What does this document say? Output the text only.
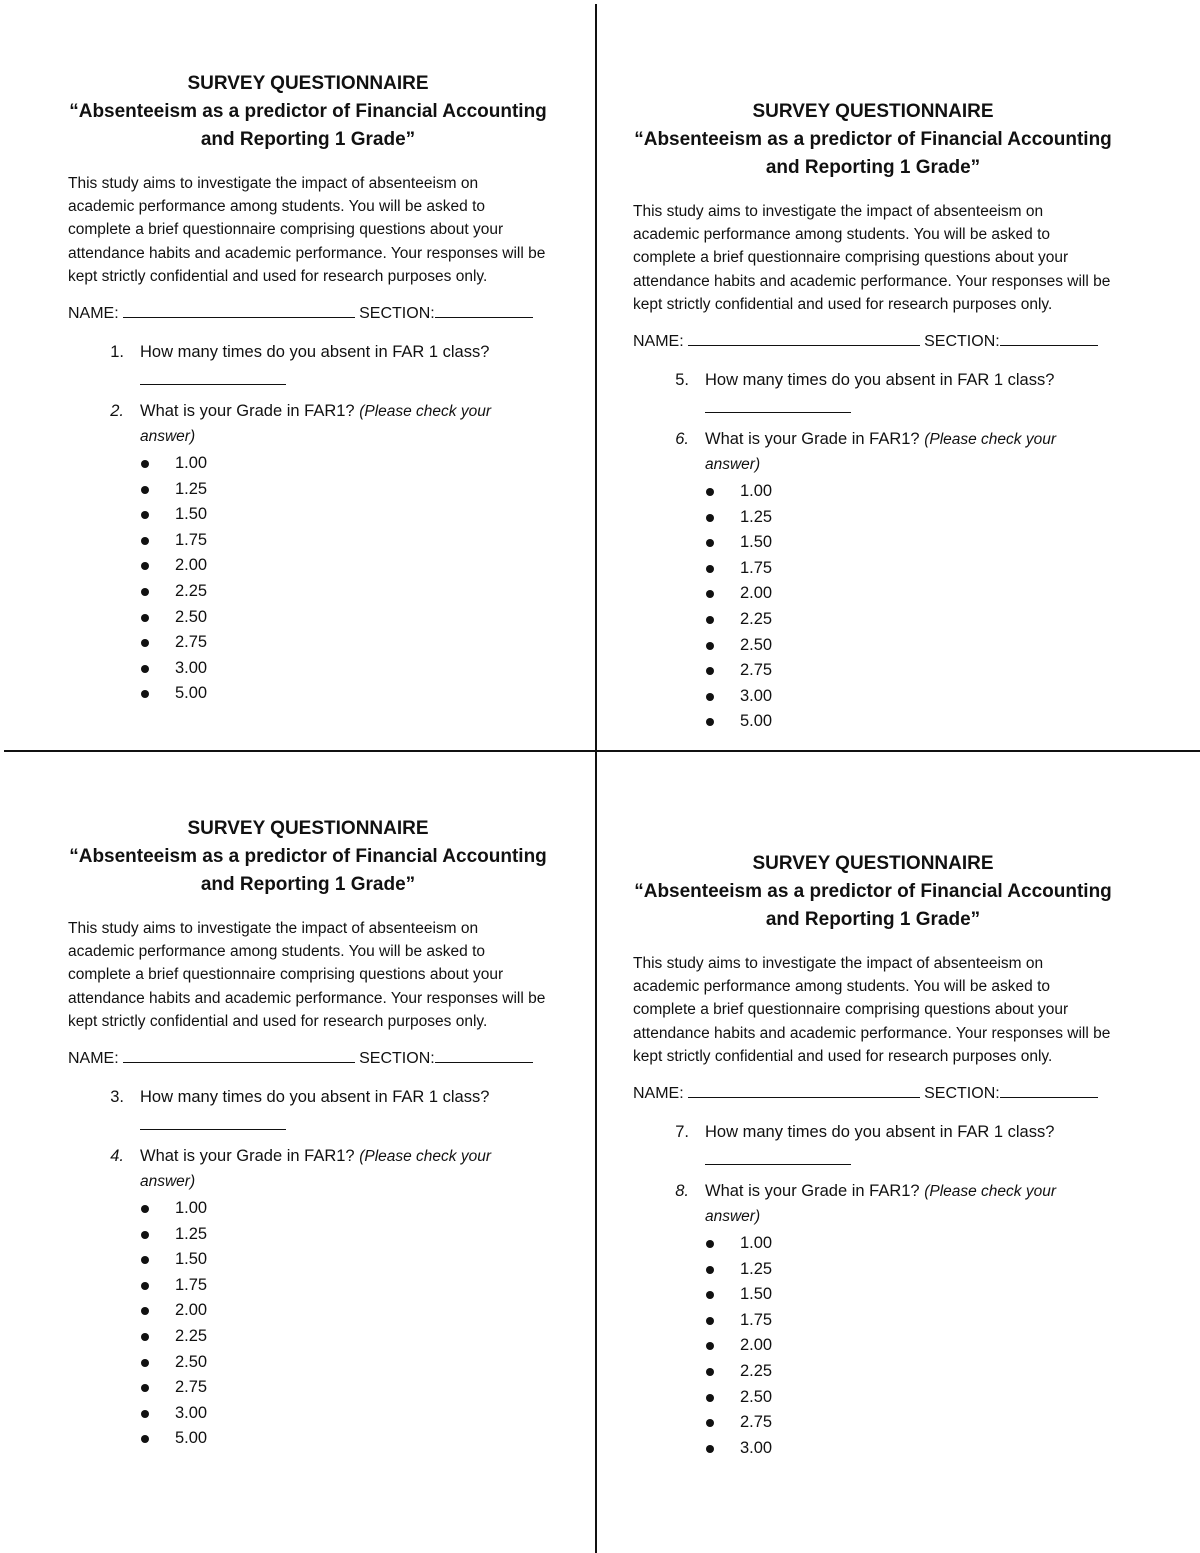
SURVEY QUESTIONNAIRE

“Absenteeism as a predictor of Financial Accounting

and Reporting 1 Grade”

This study aims to investigate the impact of absenteeism on academic performance among students. You will be asked to complete a brief questionnaire comprising questions about your attendance habits and academic performance. Your responses will be kept strictly confidential and used for research purposes only.

NAME:	SECTION:
1. How many times do you absent in FAR 1 class?
2. What is your Grade in FAR1? (Please check your answer)
1.00
1.25
1.50
1.75
2.00
2.25
2.50
2.75
3.00
5.00

SURVEY QUESTIONNAIRE

“Absenteeism as a predictor of Financial Accounting

and Reporting 1 Grade”

This study aims to investigate the impact of absenteeism on academic performance among students. You will be asked to complete a brief questionnaire comprising questions about your attendance habits and academic performance. Your responses will be kept strictly confidential and used for research purposes only.

NAME:	SECTION:
5. How many times do you absent in FAR 1 class?
6. What is your Grade in FAR1? (Please check your answer)
1.00
1.25
1.50
1.75
2.00
2.25
2.50
2.75
3.00
5.00

SURVEY QUESTIONNAIRE

“Absenteeism as a predictor of Financial Accounting

and Reporting 1 Grade”

This study aims to investigate the impact of absenteeism on academic performance among students. You will be asked to complete a brief questionnaire comprising questions about your attendance habits and academic performance. Your responses will be kept strictly confidential and used for research purposes only.

NAME:	SECTION:
3. How many times do you absent in FAR 1 class?
4. What is your Grade in FAR1? (Please check your answer)
1.00
1.25
1.50
1.75
2.00
2.25
2.50
2.75
3.00
5.00

SURVEY QUESTIONNAIRE

“Absenteeism as a predictor of Financial Accounting

and Reporting 1 Grade”

This study aims to investigate the impact of absenteeism on academic performance among students. You will be asked to complete a brief questionnaire comprising questions about your attendance habits and academic performance. Your responses will be kept strictly confidential and used for research purposes only.

NAME:	SECTION:
7. How many times do you absent in FAR 1 class?
8. What is your Grade in FAR1? (Please check your answer)
1.00
1.25
1.50
1.75
2.00
2.25
2.50
2.75
3.00
